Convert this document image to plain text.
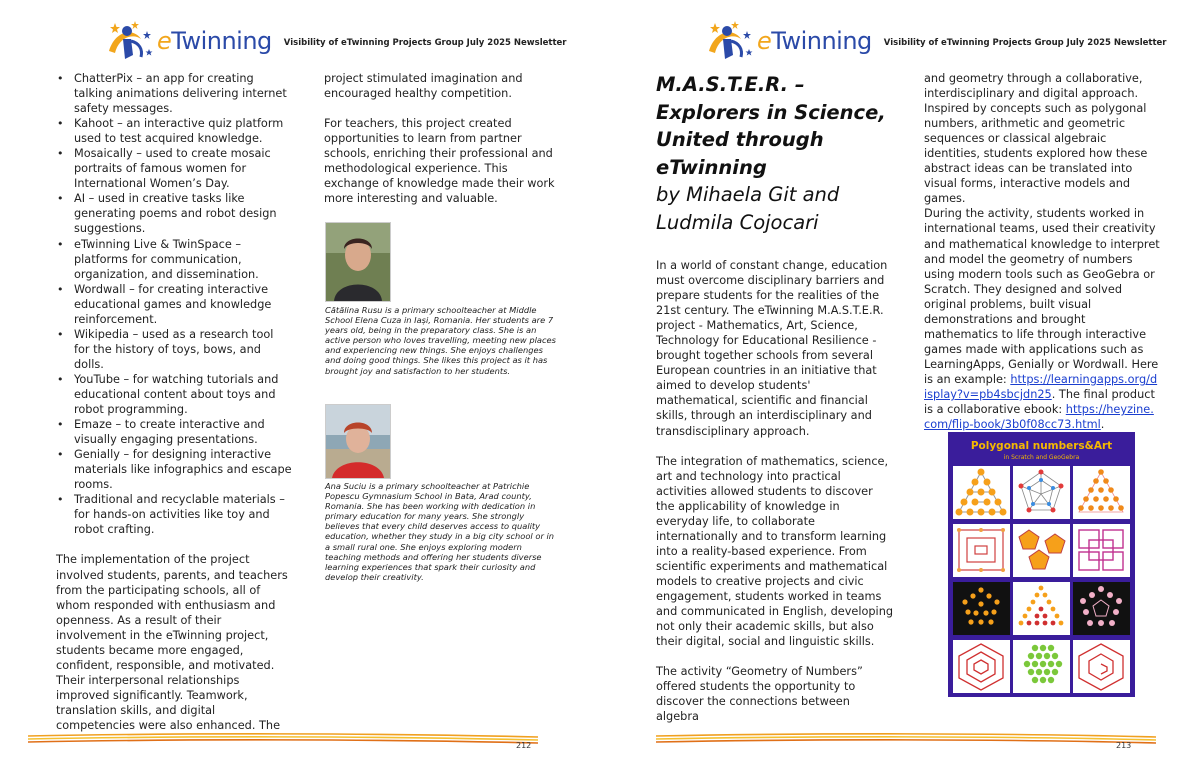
eTwinning Visibility of eTwinning Projects Group July 2025 Newsletter
• ChatterPix – an app for creating talking animations delivering internet safety messages.
• Kahoot – an interactive quiz platform used to test acquired knowledge.
• Mosaically – used to create mosaic portraits of famous women for International Women’s Day.
• AI – used in creative tasks like generating poems and robot design suggestions.
• eTwinning Live & TwinSpace – platforms for communication, organization, and dissemination.
• Wordwall – for creating interactive educational games and knowledge reinforcement.
• Wikipedia – used as a research tool for the history of toys, bows, and dolls.
• YouTube – for watching tutorials and educational content about toys and robot programming.
• Emaze – to create interactive and visually engaging presentations.
• Genially – for designing interactive materials like infographics and escape rooms.
• Traditional and recyclable materials – for hands-on activities like toy and robot crafting.

The implementation of the project involved students, parents, and teachers from the participating schools, all of whom responded with enthusiasm and openness. As a result of their involvement in the eTwinning project, students became more engaged, confident, responsible, and motivated. Their interpersonal relationships improved significantly. Teamwork, translation skills, and digital competencies were also enhanced. The

project stimulated imagination and encouraged healthy competition.

For teachers, this project created opportunities to learn from partner schools, enriching their professional and methodological experience. This exchange of knowledge made their work more interesting and valuable.

Cătălina Rusu is a primary schoolteacher at Middle School Elena Cuza in Iași, Romania. Her students are 7 years old, being in the preparatory class. She is an active person who loves travelling, meeting new places and experiencing new things. She enjoys challenges and doing good things. She likes this project as it has brought joy and satisfaction to her students.
Ana Suciu is a primary schoolteacher at Patrichie Popescu Gymnasium School in Bata, Arad county, Romania. She has been working with dedication in primary education for many years. She strongly believes that every child deserves access to quality education, whether they study in a big city school or in a small rural one. She enjoys exploring modern teaching methods and offering her students diverse learning experiences that spark their curiosity and develop their creativity.
212
eTwinning Visibility of eTwinning Projects Group July 2025 Newsletter
M.A.S.T.E.R. – Explorers in Science, United through eTwinning
by Mihaela Git and Ludmila Cojocari

In a world of constant change, education must overcome disciplinary barriers and prepare students for the realities of the 21st century. The eTwinning M.A.S.T.E.R. project - Mathematics, Art, Science, Technology for Educational Resilience - brought together schools from several European countries in an initiative that aimed to develop students' mathematical, scientific and financial skills, through an interdisciplinary and transdisciplinary approach.

The integration of mathematics, science, art and technology into practical activities allowed students to discover the applicability of knowledge in everyday life, to collaborate internationally and to transform learning into a reality-based experience. From scientific experiments and mathematical models to creative projects and civic engagement, students worked in teams and communicated in English, developing not only their academic skills, but also their digital, social and linguistic skills.

The activity “Geometry of Numbers” offered students the opportunity to discover the connections between algebra

and geometry through a collaborative, interdisciplinary and digital approach. Inspired by concepts such as polygonal numbers, arithmetic and geometric sequences or classical algebraic identities, students explored how these abstract ideas can be translated into visual forms, interactive models and games.

During the activity, students worked in international teams, used their creativity and mathematical knowledge to interpret and model the geometry of numbers using modern tools such as GeoGebra or Scratch. They designed and solved original problems, built visual demonstrations and brought mathematics to life through interactive games made with applications such as LearningApps, Genially or Wordwall. Here is an example: https://learningapps.org/display?v=pb4sbcjdn25. The final product is a collaborative ebook: https://heyzine.com/flip-book/3b0f08cc73.html.

213
Polygonal numbers&Art
in Scratch and GeoGebra
